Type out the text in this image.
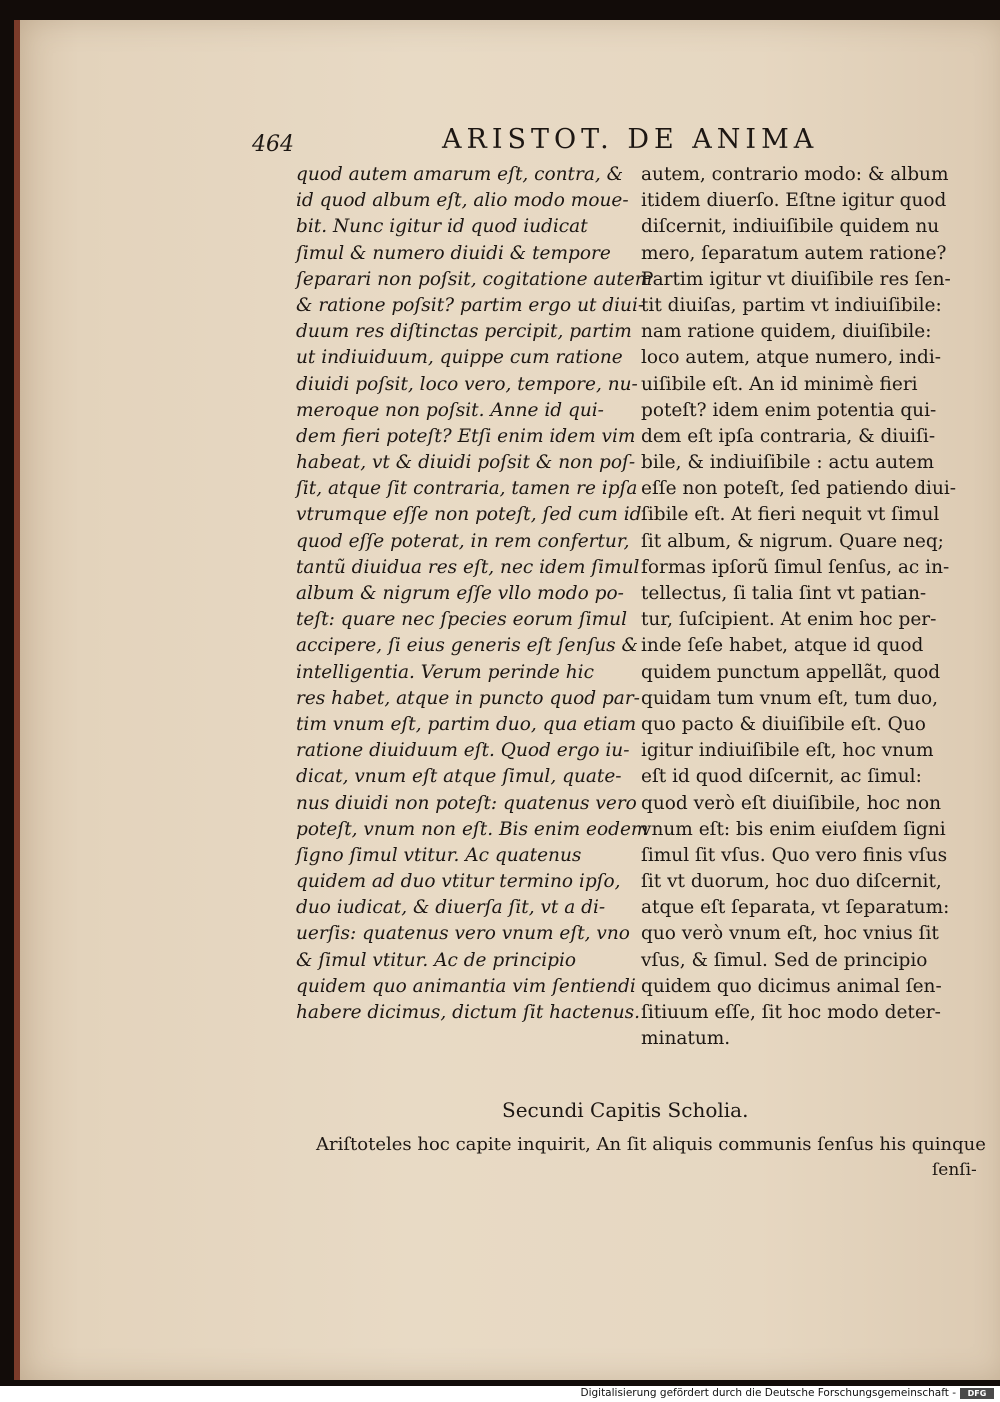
464	ARISTOT. DE ANIMA
quod autem amarum eſt, contra, &
id quod album eſt, alio modo moue-
bit. Nunc igitur id quod iudicat
ſimul & numero diuidi & tempore
ſeparari non poſsit, cogitatione autem
& ratione poſsit? partim ergo ut diui-
duum res diſtinctas percipit, partim
ut indiuiduum, quippe cum ratione
diuidi poſsit, loco vero, tempore, nu-
meroque non poſsit. Anne id qui-
dem fieri poteſt? Etſi enim idem vim
habeat, vt & diuidi poſsit & non poſ-
ſit, atque ſit contraria, tamen re ipſa
vtrumque eſſe non poteſt, ſed cum id
quod eſſe poterat, in rem confertur,
tantũ diuidua res eſt, nec idem ſimul
album & nigrum eſſe vllo modo po-
teſt: quare nec ſpecies eorum ſimul
accipere, ſi eius generis eſt ſenſus &
intelligentia. Verum perinde hic
res habet, atque in puncto quod par-
tim vnum eſt, partim duo, qua etiam
ratione diuiduum eſt. Quod ergo iu-
dicat, vnum eſt atque ſimul, quate-
nus diuidi non poteſt: quatenus vero
poteſt, vnum non eſt. Bis enim eodem
ſigno ſimul vtitur. Ac quatenus
quidem ad duo vtitur termino ipſo,
duo iudicat, & diuerſa ſit, vt a di-
uerſis: quatenus vero vnum eſt, vno
& ſimul vtitur. Ac de principio
quidem quo animantia vim ſentiendi
habere dicimus, dictum ſit hactenus.
autem, contrario modo: & album
itidem diuerſo. Eſtne igitur quod
diſcernit, indiuiſibile quidem nu
mero, ſeparatum autem ratione?
Partim igitur vt diuiſibile res ſen-
tit diuiſas, partim vt indiuiſibile:
nam ratione quidem, diuiſibile:
loco autem, atque numero, indi-
uiſibile eſt. An id minimè fieri
poteſt? idem enim potentia qui-
dem eſt ipſa contraria, & diuiſi-
bile, & indiuiſibile : actu autem
eſſe non poteſt, ſed patiendo diui-
ſibile eſt. At fieri nequit vt ſimul
ſit album, & nigrum. Quare neq;
formas ipſorũ ſimul ſenſus, ac in-
tellectus, ſi talia ſint vt patian-
tur, ſuſcipient. At enim hoc per-
inde ſeſe habet, atque id quod
quidem punctum appellãt, quod
quidam tum vnum eſt, tum duo,
quo pacto & diuiſibile eſt. Quo
igitur indiuiſibile eſt, hoc vnum
eſt id quod diſcernit, ac ſimul:
quod verò eſt diuiſibile, hoc non
vnum eſt: bis enim eiuſdem ſigni
ſimul ſit vſus. Quo vero finis vſus
ſit vt duorum, hoc duo diſcernit,
atque eſt ſeparata, vt ſeparatum:
quo verò vnum eſt, hoc vnius ſit
vſus, & ſimul. Sed de principio
quidem quo dicimus animal ſen-
ſitiuum eſſe, ſit hoc modo deter-
minatum.
Secundi Capitis Scholia.
Ariſtoteles hoc capite inquirit, An ſit aliquis communis ſenſus his quinque
ſenſi-
Digitalisierung gefördert durch die Deutsche Forschungsgemeinschaft -	DFG
